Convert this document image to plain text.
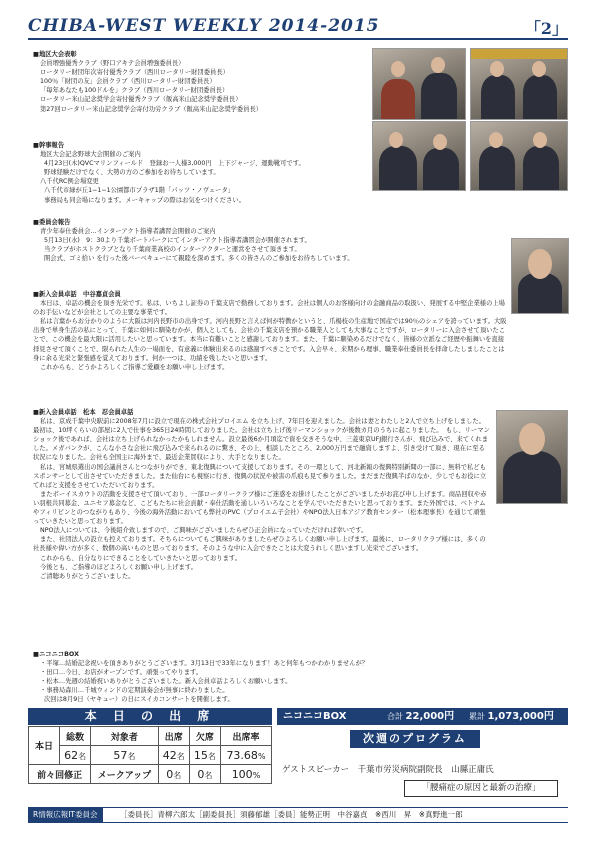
CHIBA-WEST WEEKLY 2014-2015	「2」
■地区大会表彰
会員増強優秀クラブ（野口アキテ会員増強委員長）
ロータリー財団年次寄付優秀クラブ（西川ロータリー財団委員長）
100％「財団の友」会員クラブ（西川ロータリー財団委員長）
「毎年あなたも100ドルを」クラブ（西川ロータリー財団委員長）
ロータリー米山記念奨学会寄付優秀クラブ（飯高米山記念奨学委員長）
第27回ロータリー米山記念奨学会寄付功労クラブ（飯高米山記念奨学委員長）
■幹事報告
地区大会記念野球大会開催のご案内
4月23日(木)QVCマリンフィールド　登録お一人様3,000円　上下ジャージ、運動靴可です。
野球経験だけでなく、大勢の方のご参加をお待ちしています。
八千代RC例会場変更
八千代市緑が丘1−1−1公園都市プラザ1階「パッツ・ノヴェータ」
事務局も同会場になります。メーキャップの際はお気をつけください。
■委員会報告
青少年奉仕委員会…インターアクト指導者講習会開催のご案内
5月13日(水)　9：30より千葉ポートパークにてインターアクト指導者講習会が開催されます。
当クラブがホストクラブとなり千葉商業高校のインターアクターと運営をさせて頂きます。
開会式、ゴミ拾い を行った後バーベキューにて親睦を深めます。多くの皆さんのご参加をお待ちしています。
■新入会員卓話　中谷嘉貞会員
本日は、卓話の機会を頂き光栄です。私は、いちよし証券の千葉支店で勤務しております。会社は個人のお客様向けの金融商品の取扱い、発展する中堅企業様の上場のお手伝いなどが会社としての主要な事業です。
私は言葉からお分かりのように大阪は河内長野市の出身です。河内長野と言えば何が特徴かというと、爪楊枝の生産地で国産では90％のシェアを誇っています。大阪出身で単身生活の私にとって、千葉に如何に馴染むかが、個人としても、会社の千葉支店を預かる職業人としても大事なことですが、ロータリーに入会させて頂いたことで、この機会を最大限に活用したいと思っています。本当に有難いことと感謝しております。また、千葉に馴染めるだけでなく、皆様の立派なご経歴や振舞いを直接拝見させて頂くことで、限られた人生の一場面を、有意義に体験出来るのは感謝すべきことです。入会早々、来期から理事、職業奉仕委員長を拝命したしましたことは身に余る光栄と緊張感を覚えております。何か一つは、功績を残したいと思います。
これからも、どうかよろしくご指導ご愛顧をお願い申し上げます。
■新入会員卓話　松本　忍会員卓話
私は、京成千葉中央駅前に2008年7月に設立で現在の株式会社プロイエム を立ち上げ、7年目を迎えました。会社は妻とわたしと2人で立ち上げをしました。最初は、10坪くらいの部屋に2人で仕事を365日24時間しておりました。会社は立ち上げ後リーマンショックが後数カ月のうちに起こりました。　もし、リーマンショック後であれば、会社は立ち上げられなかったかもしれません。設立最後6か月頃迄で資を交きそうな中、三菱東京UFJ銀行さんが、飛び込みで、来てくれました。メガバンクが、こんな小さな会社に飛び込みで来られるのに驚き、その上、相談したところ、2,000万円まで融資しますよ、引き受けて頂き、現在に至る状況になりました。会社も全国主に海外まで、最近企業買収により、大手となりました。
私は、宮城県選出の国会議員さんとつながりができ、東北復興について支援しております。その一環として、河北新報の復興特別新聞の一部に、無料で私どもスポンサーとして出させていただきました。また仙台にも視察に行き、復興の状況や被害の爪痕も見て参りました。まだまだ復興半ばのなか、少しでもお役に立てればと支援をさせていただいております。
またボーイスカウトの活動を支援させて頂いており、一部ロータリークラブ様にご迷惑をお掛けしたことがございましたがお詫び申し上げます。商品回収や赤い羽根共同募金、ユニセフ募金など、こどもたちに社会貢献・奉仕活動を通しいろいろなことを学んでいただきたいと思っております。また外国では、ベトナムやフィリピンとのつながりもあり、今後の海外活動においても弊社のPVC（プロイエム子会社）やNPO法人日本アジア教育センター（松本理事長）を通じて頑張っていきたいと思っております。
NPO法人については、今後紹介致しますので、ご興味がございましたらぜひ正会員になっていただければ幸いです。
また、社団法人の設立も控えております。そちらについてもご興味がありましたらぜひよろしくお願い申し上げます。最後に、ロータリクラブ様には、多くの社長様や偉い方が多く、数個の高いものと思っております。そのような中に入会できたことは大変うれしく思いますし光栄でございます。
これからも、自分なりにできることをしていきたいと思っております。
今後とも、ご指導のほどよろしくお願い申し上げます。
ご清聴ありがとうございました。
■ニコニコBOX
・平塚…結婚記念祝いを頂きありがとうございます。3月13日で33年になります！あと何年もつかわかりませんが？
・田口…今日、お店がオープンです。頑張ってやります。
・松本…先週の結婚祝いありがとうございました。新入会員卓話よろしくお願いします。
・事務局森川…千城ウィンドの定期演奏会が無事に終わりました。
次回は8月9日（ヤキュー）の日にスイカコンサートを開催します。
本 日 の 出 席
本日	総数	対象者	出席	欠席	出席率
	62名	57名	42名	15名	73.68%
前々回修正		メークアップ	0名	0名	100%
ニコニコBOX	合計 22,000円 累計 1,073,000円
次週のプログラム
ゲストスピーカー　千葉市労災病院副院長　山縣正庸氏
「腰痛症の原因と最新の治療」
R情報広報IT委員会	［委員長］青柳六郎太［副委員長］須藤郁雄［委員］能勢正明　中谷嘉貞　※西川　昇　※真野進一郎
